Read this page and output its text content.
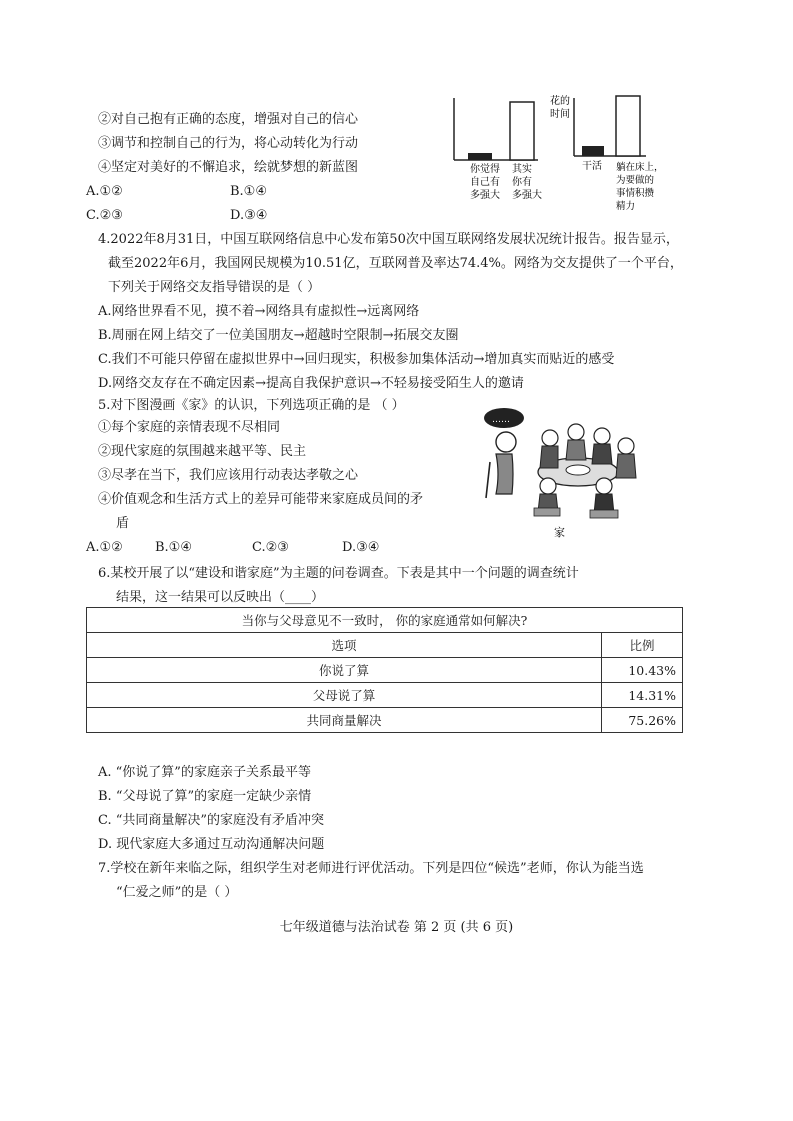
②对自己抱有正确的态度，增强对自己的信心
③调节和控制自己的行为，将心动转化为行动
④坚定对美好的不懈追求，绘就梦想的新蓝图
A.①②	B.①④
C.②③	D.③④
你觉得
自己有
多强大
其实
你有
多强大
花的
时间
干活 躺在床上，
为要做的
事情积攒
精力
4.2022年8月31日，中国互联网络信息中心发布第50次中国互联网络发展状况统计报告。报告显示，
截至2022年6月，我国网民规模为10.51亿，互联网普及率达74.4%。网络为交友提供了一个平台，
下列关于网络交友指导错误的是（ ）
A.网络世界看不见，摸不着→网络具有虚拟性→远离网络
B.周丽在网上结交了一位美国朋友→超越时空限制→拓展交友圈
C.我们不可能只停留在虚拟世界中→回归现实，积极参加集体活动→增加真实而贴近的感受
D.网络交友存在不确定因素→提高自我保护意识→不轻易接受陌生人的邀请
5.对下图漫画《家》的认识，下列选项正确的是 （ ）
①每个家庭的亲情表现不尽相同
②现代家庭的氛围越来越平等、民主
③尽孝在当下，我们应该用行动表达孝敬之心
④价值观念和生活方式上的差异可能带来家庭成员间的矛
盾
A.①② B.①④	C.②③	D.③④
……
家
6.某校开展了以“建设和谐家庭”为主题的问卷调查。下表是其中一个问题的调查统计
结果，这一结果可以反映出（____）
当你与父母意见不一致时， 你的家庭通常如何解决?	
选项	比例
你说了算	10.43%
父母说了算	14.31%
共同商量解决	75.26%
A. “你说了算”的家庭亲子关系最平等
B. “父母说了算”的家庭一定缺少亲情
C. “共同商量解决”的家庭没有矛盾冲突
D. 现代家庭大多通过互动沟通解决问题
7.学校在新年来临之际，组织学生对老师进行评优活动。下列是四位“候选”老师，你认为能当选
“仁爱之师”的是（ ）
七年级道德与法治试卷 第 2 页 (共 6 页)
